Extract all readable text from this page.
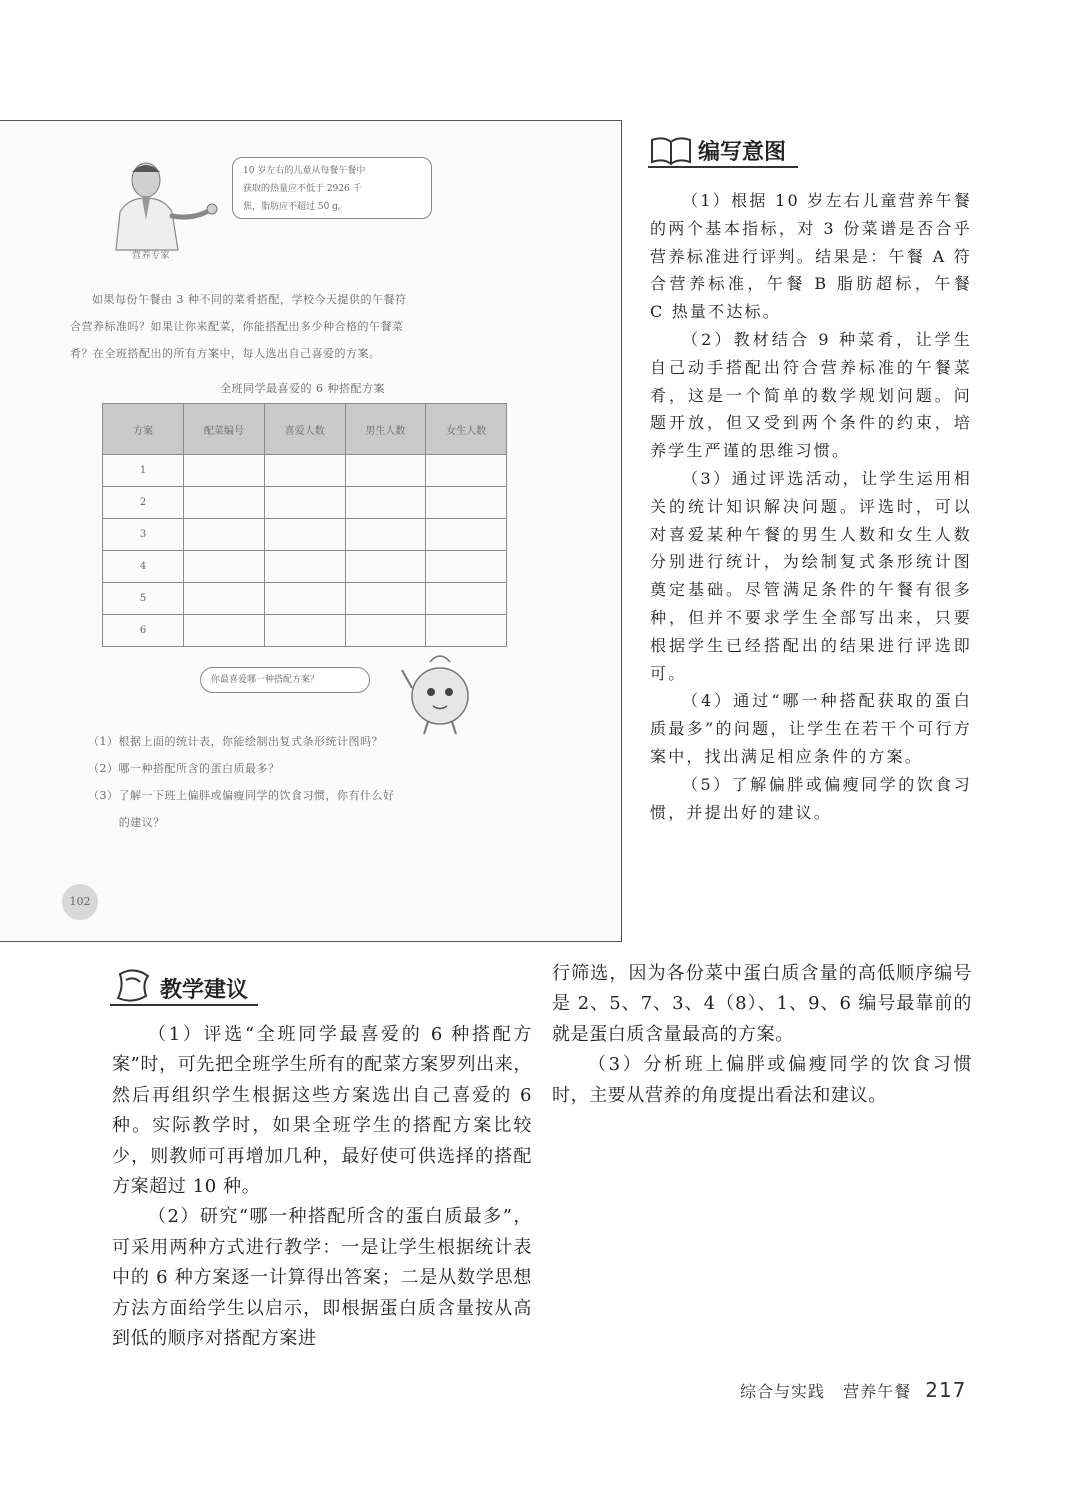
10 岁左右的儿童从每餐午餐中
获取的热量应不低于 2926 千
焦，脂肪应不超过 50 g。
营养专家
如果每份午餐由 3 种不同的菜肴搭配，学校今天提供的午餐符
合营养标准吗？如果让你来配菜，你能搭配出多少种合格的午餐菜
肴？在全班搭配出的所有方案中，每人选出自己喜爱的方案。
全班同学最喜爱的 6 种搭配方案
方案	配菜编号	喜爱人数	男生人数	女生人数
1				
2				
3				
4				
5				
6				
你最喜爱哪一种搭配方案？
（1）根据上面的统计表，你能绘制出复式条形统计图吗？
（2）哪一种搭配所含的蛋白质最多？
（3）了解一下班上偏胖或偏瘦同学的饮食习惯，你有什么好
的建议？
102
编写意图

（1）根据 10 岁左右儿童营养午餐的两个基本指标，对 3 份菜谱是否合乎营养标准进行评判。结果是：午餐 A 符合营养标准，午餐 B 脂肪超标，午餐 C 热量不达标。

（2）教材结合 9 种菜肴，让学生自己动手搭配出符合营养标准的午餐菜肴，这是一个简单的数学规划问题。问题开放，但又受到两个条件的约束，培养学生严谨的思维习惯。

（3）通过评选活动，让学生运用相关的统计知识解决问题。评选时，可以对喜爱某种午餐的男生人数和女生人数分别进行统计，为绘制复式条形统计图奠定基础。尽管满足条件的午餐有很多种，但并不要求学生全部写出来，只要根据学生已经搭配出的结果进行评选即可。

（4）通过“哪一种搭配获取的蛋白质最多”的问题，让学生在若干个可行方案中，找出满足相应条件的方案。

（5）了解偏胖或偏瘦同学的饮食习惯，并提出好的建议。

教学建议

（1）评选“全班同学最喜爱的 6 种搭配方案”时，可先把全班学生所有的配菜方案罗列出来，然后再组织学生根据这些方案选出自己喜爱的 6 种。实际教学时，如果全班学生的搭配方案比较少，则教师可再增加几种，最好使可供选择的搭配方案超过 10 种。

（2）研究“哪一种搭配所含的蛋白质最多”，可采用两种方式进行教学：一是让学生根据统计表中的 6 种方案逐一计算得出答案；二是从数学思想方法方面给学生以启示，即根据蛋白质含量按从高到低的顺序对搭配方案进

行筛选，因为各份菜中蛋白质含量的高低顺序编号是 2、5、7、3、4（8）、1、9、6 编号最靠前的就是蛋白质含量最高的方案。

（3）分析班上偏胖或偏瘦同学的饮食习惯时，主要从营养的角度提出看法和建议。

综合与实践 营养午餐 217
